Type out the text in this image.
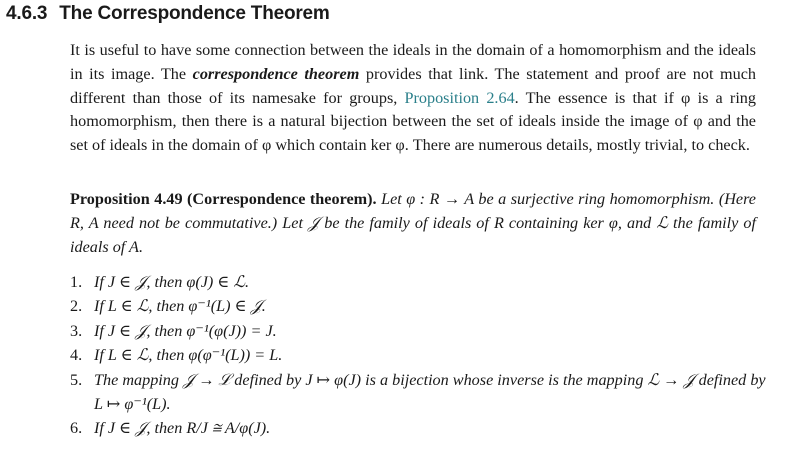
4.6.3 The Correspondence Theorem

It is useful to have some connection between the ideals in the domain of a homomorphism and the ideals in its image. The correspondence theorem provides that link. The statement and proof are not much different than those of its namesake for groups, Proposition 2.64. The essence is that if φ is a ring homomorphism, then there is a natural bijection between the set of ideals inside the image of φ and the set of ideals in the domain of φ which contain ker φ. There are numerous details, mostly trivial, to check.

Proposition 4.49 (Correspondence theorem). Let φ : R → A be a surjective ring homomorphism. (Here R, A need not be commutative.) Let 𝒥 be the family of ideals of R containing ker φ, and ℒ the family of ideals of A.
1. If J ∈ 𝒥, then φ(J) ∈ ℒ.
2. If L ∈ ℒ, then φ⁻¹(L) ∈ 𝒥.
3. If J ∈ 𝒥, then φ⁻¹(φ(J)) = J.
4. If L ∈ ℒ, then φ(φ⁻¹(L)) = L.
5. The mapping 𝒥 → ℒ defined by J ↦ φ(J) is a bijection whose inverse is the mapping ℒ → 𝒥 defined by L ↦ φ⁻¹(L).
6. If J ∈ 𝒥, then R/J ≅ A/φ(J).
